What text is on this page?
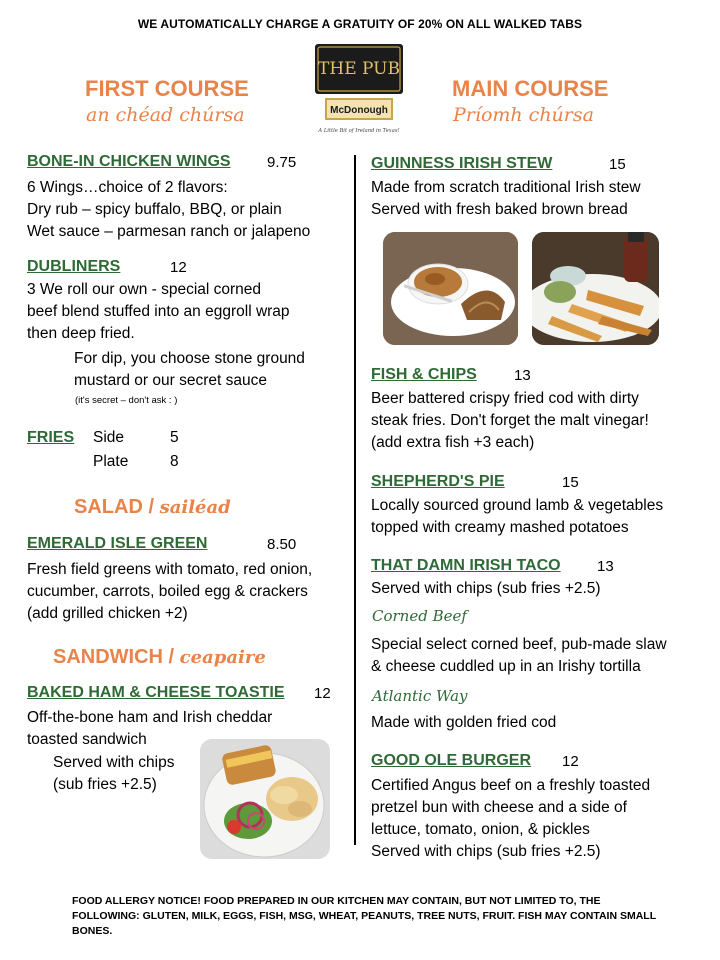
WE AUTOMATICALLY CHARGE A GRATUITY OF 20% ON ALL WALKED TABS
THE PUB
McDonough
A Little Bit of Ireland in Texas!
FIRST COURSE
an chéad chúrsa
MAIN COURSE
Príomh chúrsa
BONE-IN CHICKEN WINGS 9.75
6 Wings…choice of 2 flavors:
Dry rub – spicy buffalo, BBQ, or plain
Wet sauce – parmesan ranch or jalapeno
DUBLINERS	12
3 We roll our own - special corned
beef blend stuffed into an eggroll wrap
then deep fried.
For dip, you choose stone ground
mustard or our secret sauce
(it's secret – don't ask : )
FRIES Side	5
Plate	8
SALAD / sailéad
EMERALD ISLE GREEN	8.50
Fresh field greens with tomato, red onion,
cucumber, carrots, boiled egg & crackers
(add grilled chicken +2)
SANDWICH / ceapaire
BAKED HAM & CHEESE TOASTIE 12
Off-the-bone ham and Irish cheddar
toasted sandwich
Served with chips
(sub fries +2.5)
GUINNESS IRISH STEW	15
Made from scratch traditional Irish stew
Served with fresh baked brown bread
FISH & CHIPS 13
Beer battered crispy fried cod with dirty
steak fries. Don't forget the malt vinegar!
(add extra fish +3 each)
SHEPHERD'S PIE	15
Locally sourced ground lamb & vegetables
topped with creamy mashed potatoes
THAT DAMN IRISH TACO 13
Served with chips (sub fries +2.5)
Corned Beef
Special select corned beef, pub-made slaw
& cheese cuddled up in an Irishy tortilla
Atlantic Way
Made with golden fried cod
GOOD OLE BURGER 12
Certified Angus beef on a freshly toasted
pretzel bun with cheese and a side of
lettuce, tomato, onion, & pickles
Served with chips (sub fries +2.5)
FOOD ALLERGY NOTICE! FOOD PREPARED IN OUR KITCHEN MAY CONTAIN, BUT NOT LIMITED TO, THE FOLLOWING: GLUTEN, MILK, EGGS, FISH, MSG, WHEAT, PEANUTS, TREE NUTS, FRUIT. FISH MAY CONTAIN SMALL BONES.
